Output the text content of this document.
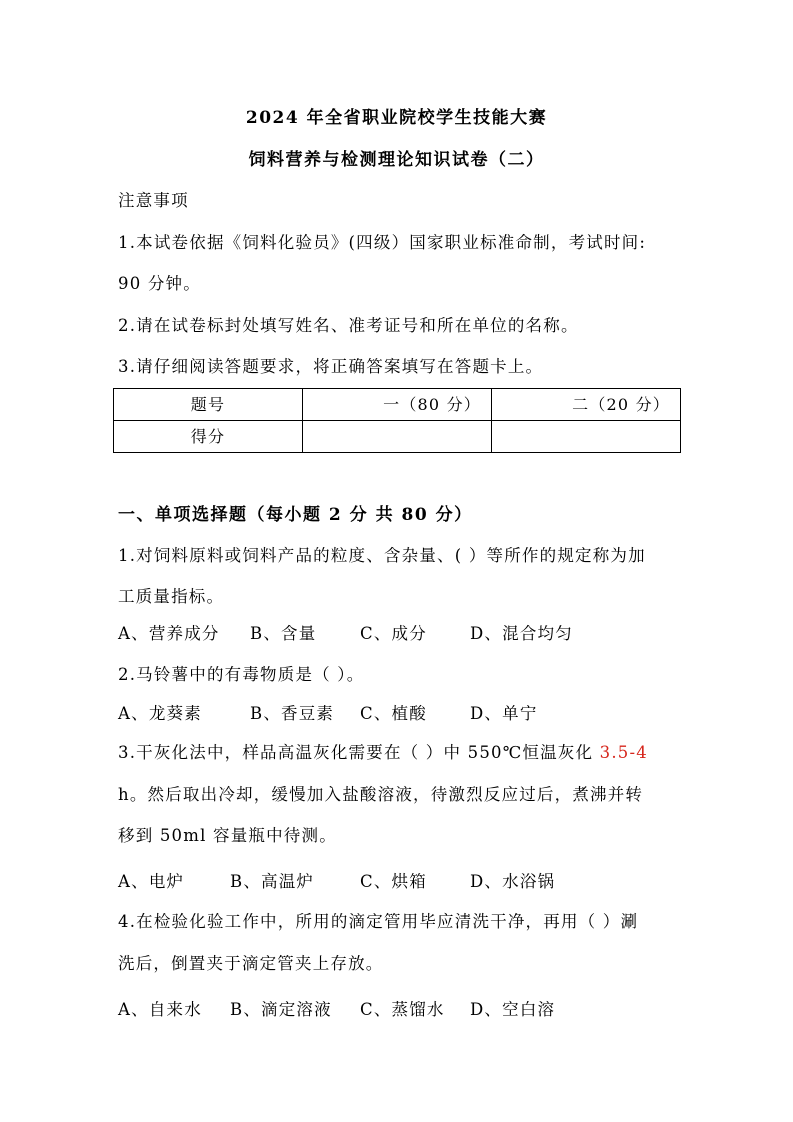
2024 年全省职业院校学生技能大赛
饲料营养与检测理论知识试卷（二）
注意事项
1.本试卷依据《饲料化验员》(四级）国家职业标准命制，考试时间:
90 分钟。
2.请在试卷标封处填写姓名、准考证号和所在单位的名称。
3.请仔细阅读答题要求，将正确答案填写在答题卡上。
题号	一（80 分）	二（20 分）
得分		
一、单项选择题（每小题 2 分 共 80 分）
1.对饲料原料或饲料产品的粒度、含杂量、( ）等所作的规定称为加
工质量指标。
A、营养成分 B、含量	C、成分	D、混合均匀
2.马铃薯中的有毒物质是（ ）。
A、龙葵素	B、香豆素 C、植酸	D、单宁
3.干灰化法中，样品高温灰化需要在（ ）中 550℃恒温灰化 3.5-4
h。然后取出冷却，缓慢加入盐酸溶液，待激烈反应过后，煮沸并转
移到 50ml 容量瓶中待测。
A、电炉	B、高温炉	C、烘箱	D、水浴锅
4.在检验化验工作中，所用的滴定管用毕应清洗干净，再用（ ）涮
洗后，倒置夹于滴定管夹上存放。
A、自来水 B、滴定溶液 C、蒸馏水 D、空白溶
